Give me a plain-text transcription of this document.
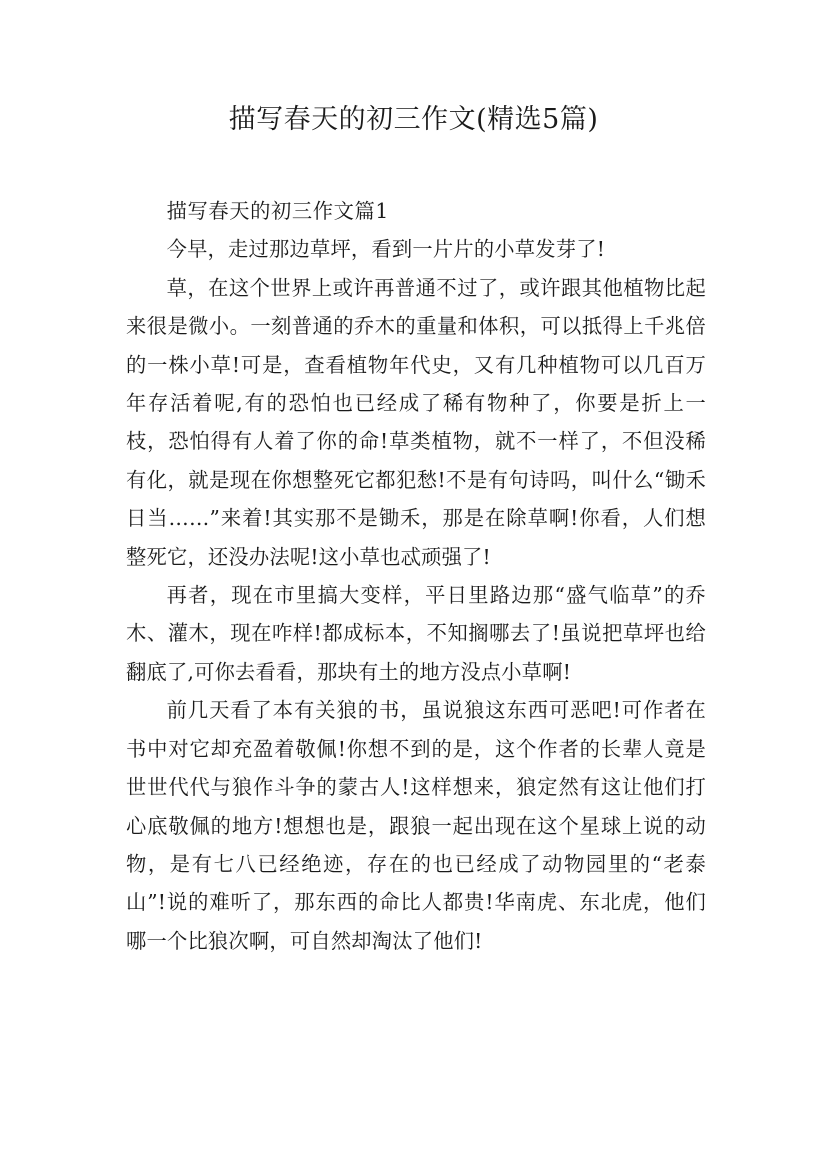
描写春天的初三作文(精选5篇)

描写春天的初三作文篇1

今早，走过那边草坪，看到一片片的小草发芽了!

草，在这个世界上或许再普通不过了，或许跟其他植物比起来很是微小。一刻普通的乔木的重量和体积，可以抵得上千兆倍的一株小草!可是，查看植物年代史，又有几种植物可以几百万年存活着呢,有的恐怕也已经成了稀有物种了，你要是折上一枝，恐怕得有人着了你的命!草类植物，就不一样了，不但没稀有化，就是现在你想整死它都犯愁!不是有句诗吗，叫什么“锄禾日当……”来着!其实那不是锄禾，那是在除草啊!你看，人们想整死它，还没办法呢!这小草也忒顽强了!

再者，现在市里搞大变样，平日里路边那“盛气临草”的乔木、灌木，现在咋样!都成标本，不知搁哪去了!虽说把草坪也给翻底了,可你去看看，那块有土的地方没点小草啊!

前几天看了本有关狼的书，虽说狼这东西可恶吧!可作者在书中对它却充盈着敬佩!你想不到的是，这个作者的长辈人竟是世世代代与狼作斗争的蒙古人!这样想来，狼定然有这让他们打心底敬佩的地方!想想也是，跟狼一起出现在这个星球上说的动物，是有七八已经绝迹，存在的也已经成了动物园里的“老泰山”!说的难听了，那东西的命比人都贵!华南虎、东北虎，他们哪一个比狼次啊，可自然却淘汰了他们!
